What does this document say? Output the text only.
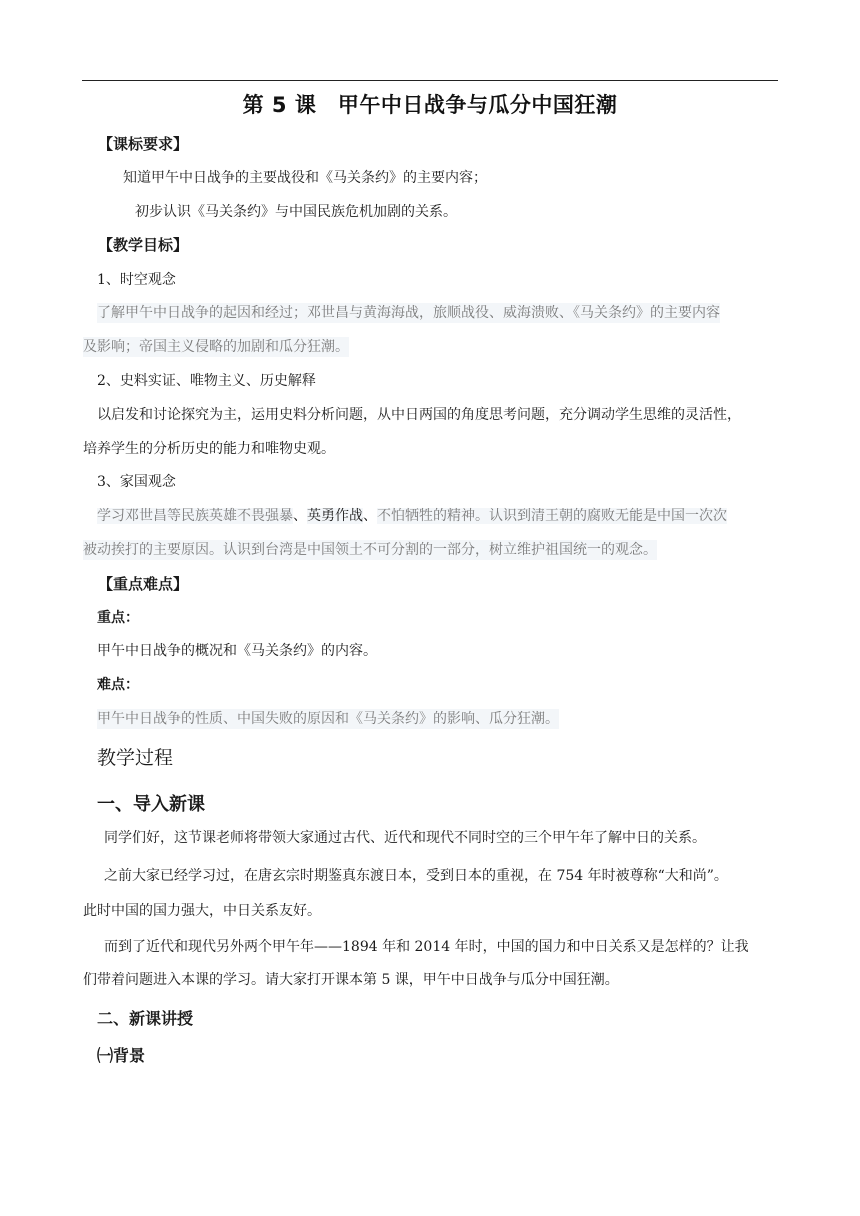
第 5 课　甲午中日战争与瓜分中国狂潮
【课标要求】
知道甲午中日战争的主要战役和《马关条约》的主要内容；
初步认识《马关条约》与中国民族危机加剧的关系。
【教学目标】
1、时空观念
了解甲午中日战争的起因和经过；邓世昌与黄海海战，旅顺战役、威海溃败、《马关条约》的主要内容
及影响；帝国主义侵略的加剧和瓜分狂潮。
2、史料实证、唯物主义、历史解释
以启发和讨论探究为主，运用史料分析问题，从中日两国的角度思考问题，充分调动学生思维的灵活性，
培养学生的分析历史的能力和唯物史观。
3、家国观念
学习邓世昌等民族英雄不畏强暴、英勇作战、不怕牺牲的精神。认识到清王朝的腐败无能是中国一次次
被动挨打的主要原因。认识到台湾是中国领土不可分割的一部分，树立维护祖国统一的观念。
【重点难点】
重点：
甲午中日战争的概况和《马关条约》的内容。
难点：
甲午中日战争的性质、中国失败的原因和《马关条约》的影响、瓜分狂潮。
教学过程
一、导入新课
同学们好，这节课老师将带领大家通过古代、近代和现代不同时空的三个甲午年了解中日的关系。
之前大家已经学习过，在唐玄宗时期鉴真东渡日本，受到日本的重视，在 754 年时被尊称“大和尚”。
此时中国的国力强大，中日关系友好。
而到了近代和现代另外两个甲午年——1894 年和 2014 年时，中国的国力和中日关系又是怎样的？让我
们带着问题进入本课的学习。请大家打开课本第 5 课，甲午中日战争与瓜分中国狂潮。
二、新课讲授
㈠背景
